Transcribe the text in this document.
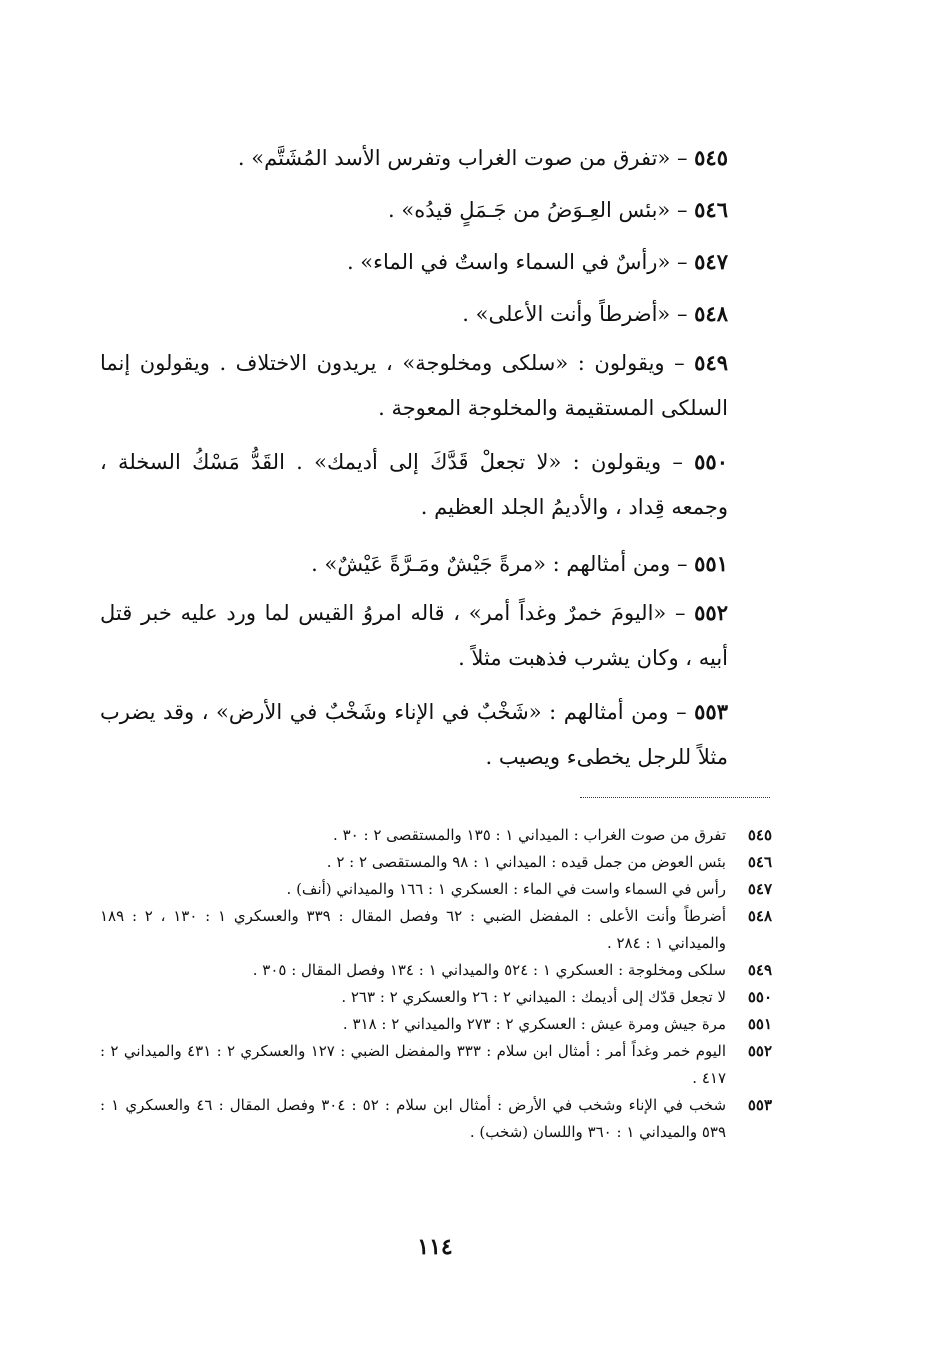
٥٤٥ – «تفرق من صوت الغراب وتفرس الأسد المُشَتَّم» .

٥٤٦ – «بئس العِـوَضُ من جَـمَلٍ قيدُه» .

٥٤٧ – «رأسٌ في السماء واستٌ في الماء» .

٥٤٨ – «أضرطاً وأنت الأعلى» .

٥٤٩ – ويقولون : «سلكى ومخلوجة» ، يريدون الاختلاف . ويقولون إنما السلكى المستقيمة والمخلوجة المعوجة .

٥٥٠ – ويقولون : «لا تجعلْ قَدَّكَ إلى أديمك» . القَدُّ مَسْكُ السخلة ، وجمعه قِداد ، والأديمُ الجلد العظيم .

٥٥١ – ومن أمثالهم : «مرةً جَيْشٌ ومَـرَّةً عَيْشٌ» .

٥٥٢ – «اليومَ خمرٌ وغداً أمر» ، قاله امروُ القيس لما ورد عليه خبر قتل أبيه ، وكان يشرب فذهبت مثلاً .

٥٥٣ – ومن أمثالهم : «شَخْبٌ في الإناء وشَخْبٌ في الأرض» ، وقد يضرب مثلاً للرجل يخطىء ويصيب .

٥٤٥
تفرق من صوت الغراب : الميداني ١ : ١٣٥ والمستقصى ٢ : ٣٠ .
٥٤٦
بئس العوض من جمل قيده : الميداني ١ : ٩٨ والمستقصى ٢ : ٢ .
٥٤٧
رأس في السماء واست في الماء : العسكري ١ : ١٦٦ والميداني (أنف) .
٥٤٨
أضرطاً وأنت الأعلى : المفضل الضبي : ٦٢ وفصل المقال : ٣٣٩ والعسكري ١ : ١٣٠ ، ٢ : ١٨٩ والميداني ١ : ٢٨٤ .
٥٤٩
سلكى ومخلوجة : العسكري ١ : ٥٢٤ والميداني ١ : ١٣٤ وفصل المقال : ٣٠٥ .
٥٥٠
لا تجعل قدّك إلى أديمك : الميداني ٢ : ٢٦ والعسكري ٢ : ٢٦٣ .
٥٥١
مرة جيش ومرة عيش : العسكري ٢ : ٢٧٣ والميداني ٢ : ٣١٨ .
٥٥٢
اليوم خمر وغداً أمر : أمثال ابن سلام : ٣٣٣ والمفضل الضبي : ١٢٧ والعسكري ٢ : ٤٣١ والميداني ٢ : ٤١٧ .
٥٥٣
شخب في الإناء وشخب في الأرض : أمثال ابن سلام : ٥٢ : ٣٠٤ وفصل المقال : ٤٦ والعسكري ١ : ٥٣٩ والميداني ١ : ٣٦٠ واللسان (شخب) .
١١٤
